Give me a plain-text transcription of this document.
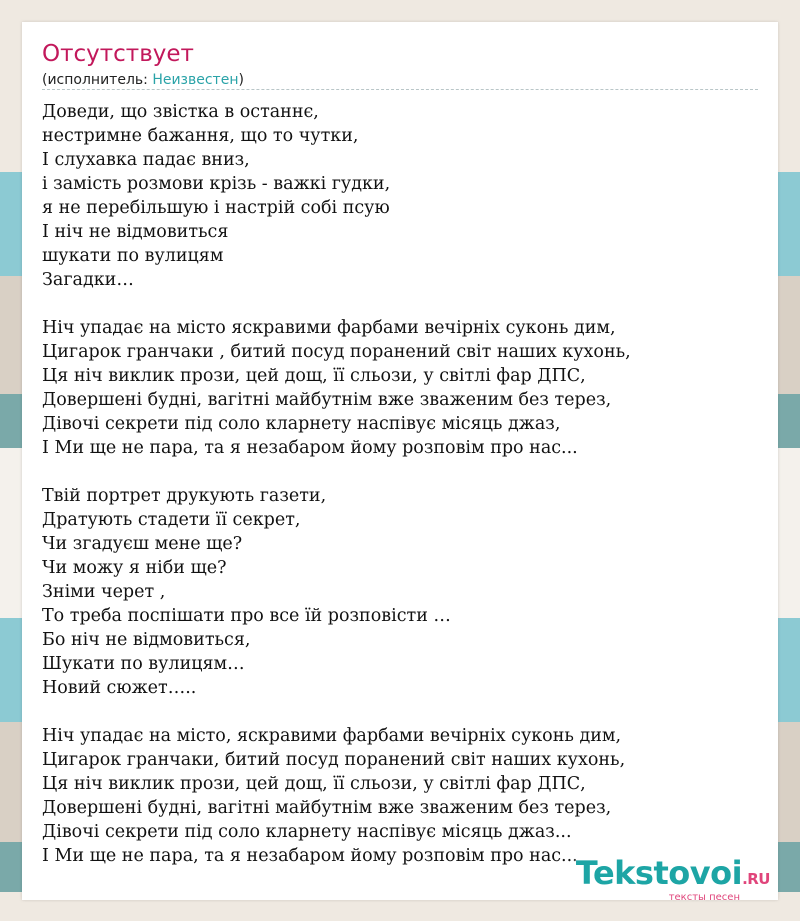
Отсутствует
(исполнитель: Неизвестен)
Доведи, що звістка в останнє,
нестримне бажання, що то чутки,
І слухавка падає вниз,
і замість розмови крізь - важкі гудки,
я не перебільшую і настрій собі псую
І ніч не відмовиться
шукати по вулицям
Загадки…
Ніч упадає на місто яскравими фарбами вечірніх суконь дим,
Цигарок гранчаки , битий посуд поранений світ наших кухонь,
Ця ніч виклик прози, цей дощ, її сльози, у світлі фар ДПС,
Довершені будні, вагітні майбутнім вже зваженим без терез,
Дівочі секрети під соло кларнету наспівує місяць джаз,
І Ми ще не пара, та я незабаром йому розповім про нас...
Твій портрет друкують газети,
Дратують стадети її секрет,
Чи згадуєш мене ще?
Чи можу я ніби ще?
Зніми черет ,
То треба поспішати про все їй розповісти …
Бо ніч не відмовиться,
Шукати по вулицям…
Новий сюжет…..
Ніч упадає на місто, яскравими фарбами вечірніх суконь дим,
Цигарок гранчаки, битий посуд поранений світ наших кухонь,
Ця ніч виклик прози, цей дощ, її сльози, у світлі фар ДПС,
Довершені будні, вагітні майбутнім вже зваженим без терез,
Дівочі секрети під соло кларнету наспівує місяць джаз...
І Ми ще не пара, та я незабаром йому розповім про нас...
Tekstovoi.RU
тексты песен
